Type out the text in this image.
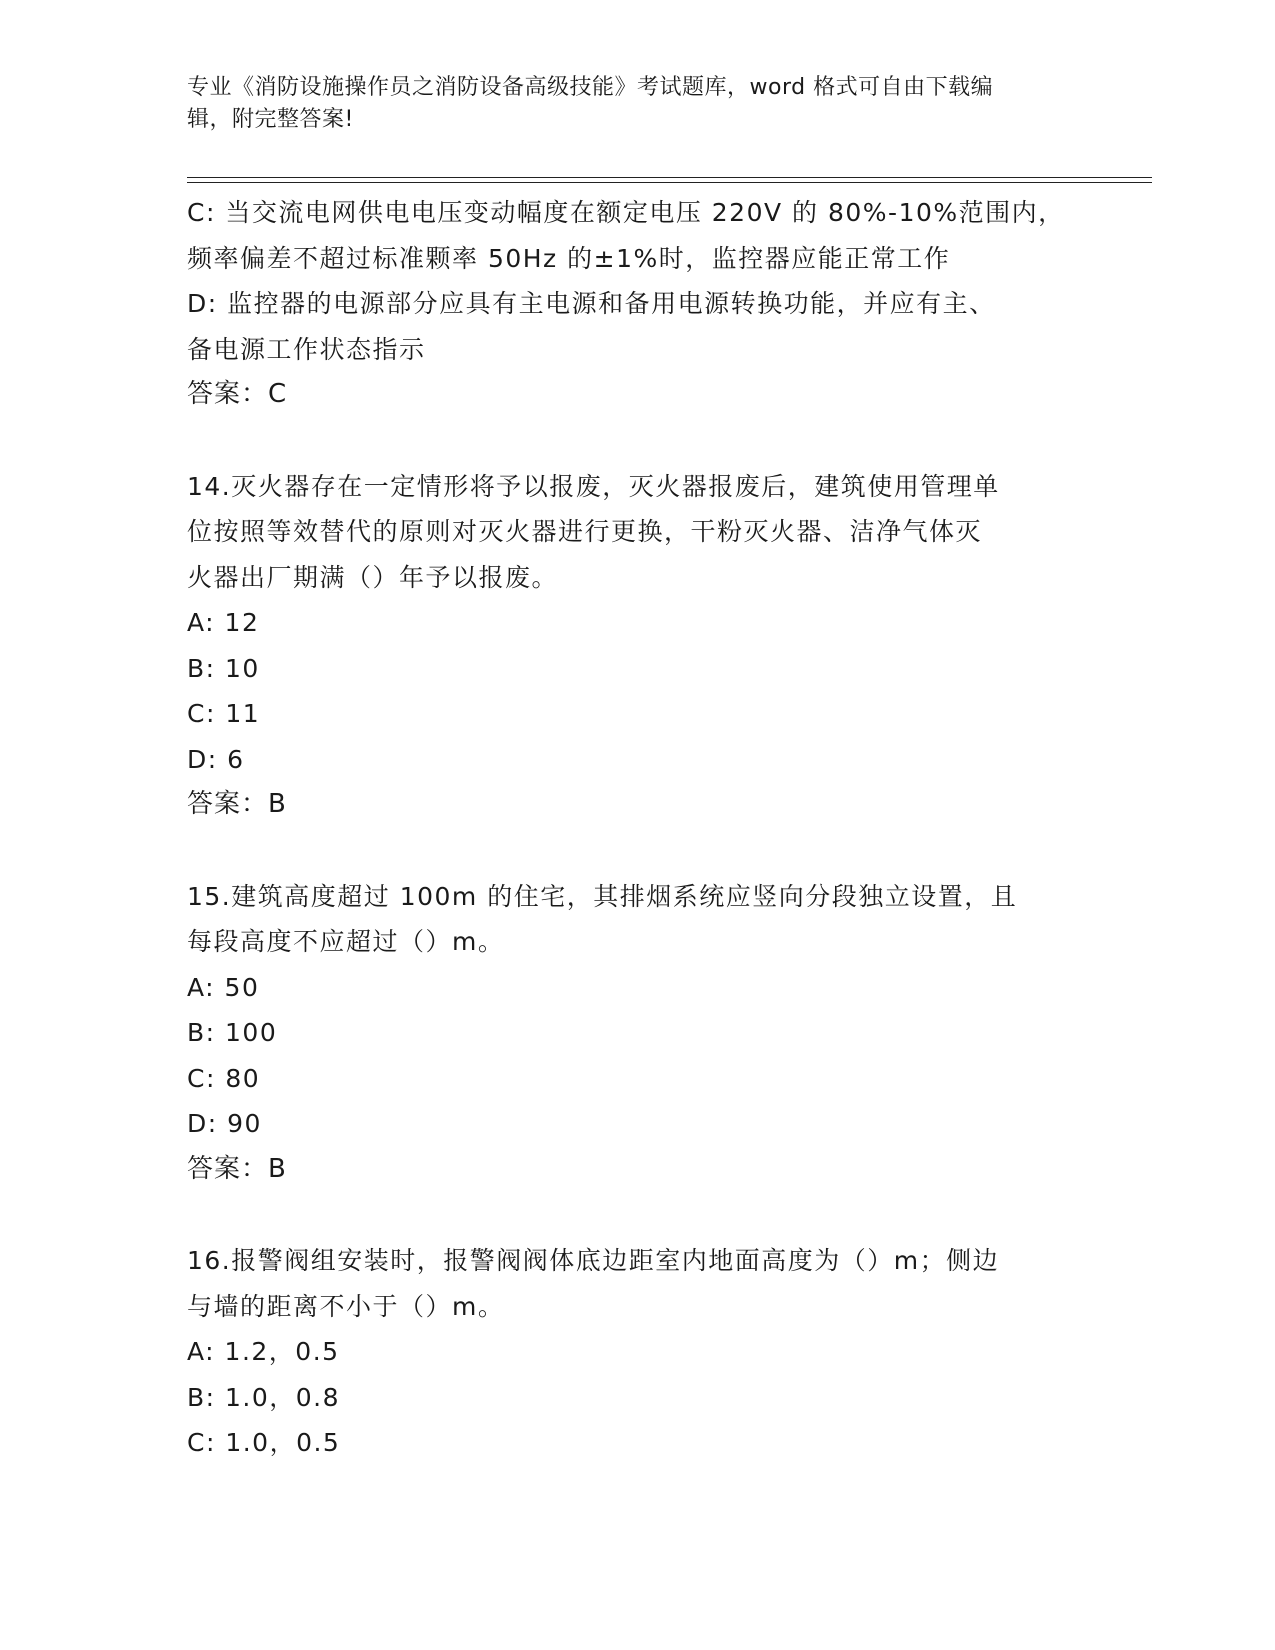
专业《消防设施操作员之消防设备高级技能》考试题库，word 格式可自由下载编
辑，附完整答案!
C: 当交流电网供电电压变动幅度在额定电压 220V 的 80%-10%范围内，
频率偏差不超过标准颗率 50Hz 的±1%时，监控器应能正常工作
D: 监控器的电源部分应具有主电源和备用电源转换功能，并应有主、
备电源工作状态指示
答案：C
14.灭火器存在一定情形将予以报废，灭火器报废后，建筑使用管理单
位按照等效替代的原则对灭火器进行更换，干粉灭火器、洁净气体灭
火器出厂期满（）年予以报废。
A: 12
B: 10
C: 11
D: 6
答案：B
15.建筑高度超过 100m 的住宅，其排烟系统应竖向分段独立设置，且
每段高度不应超过（）m。
A: 50
B: 100
C: 80
D: 90
答案：B
16.报警阀组安装时，报警阀阀体底边距室内地面高度为（）m；侧边
与墙的距离不小于（）m。
A: 1.2，0.5
B: 1.0，0.8
C: 1.0，0.5
